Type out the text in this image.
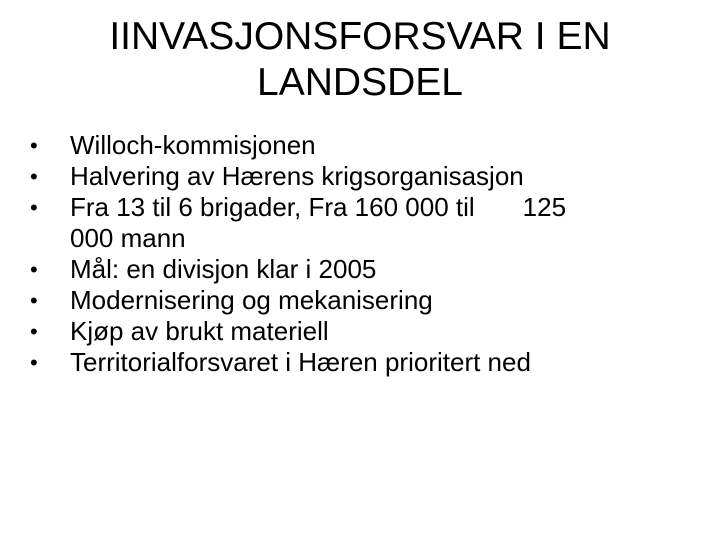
IINVASJONSFORSVAR I EN
LANDSDEL
• Willoch-kommisjonen
• Halvering av Hærens krigsorganisasjon
• Fra 13 til 6 brigader, Fra 160 000 til 125
000 mann
• Mål: en divisjon klar i 2005
• Modernisering og mekanisering
• Kjøp av brukt materiell
• Territorialforsvaret i Hæren prioritert ned
